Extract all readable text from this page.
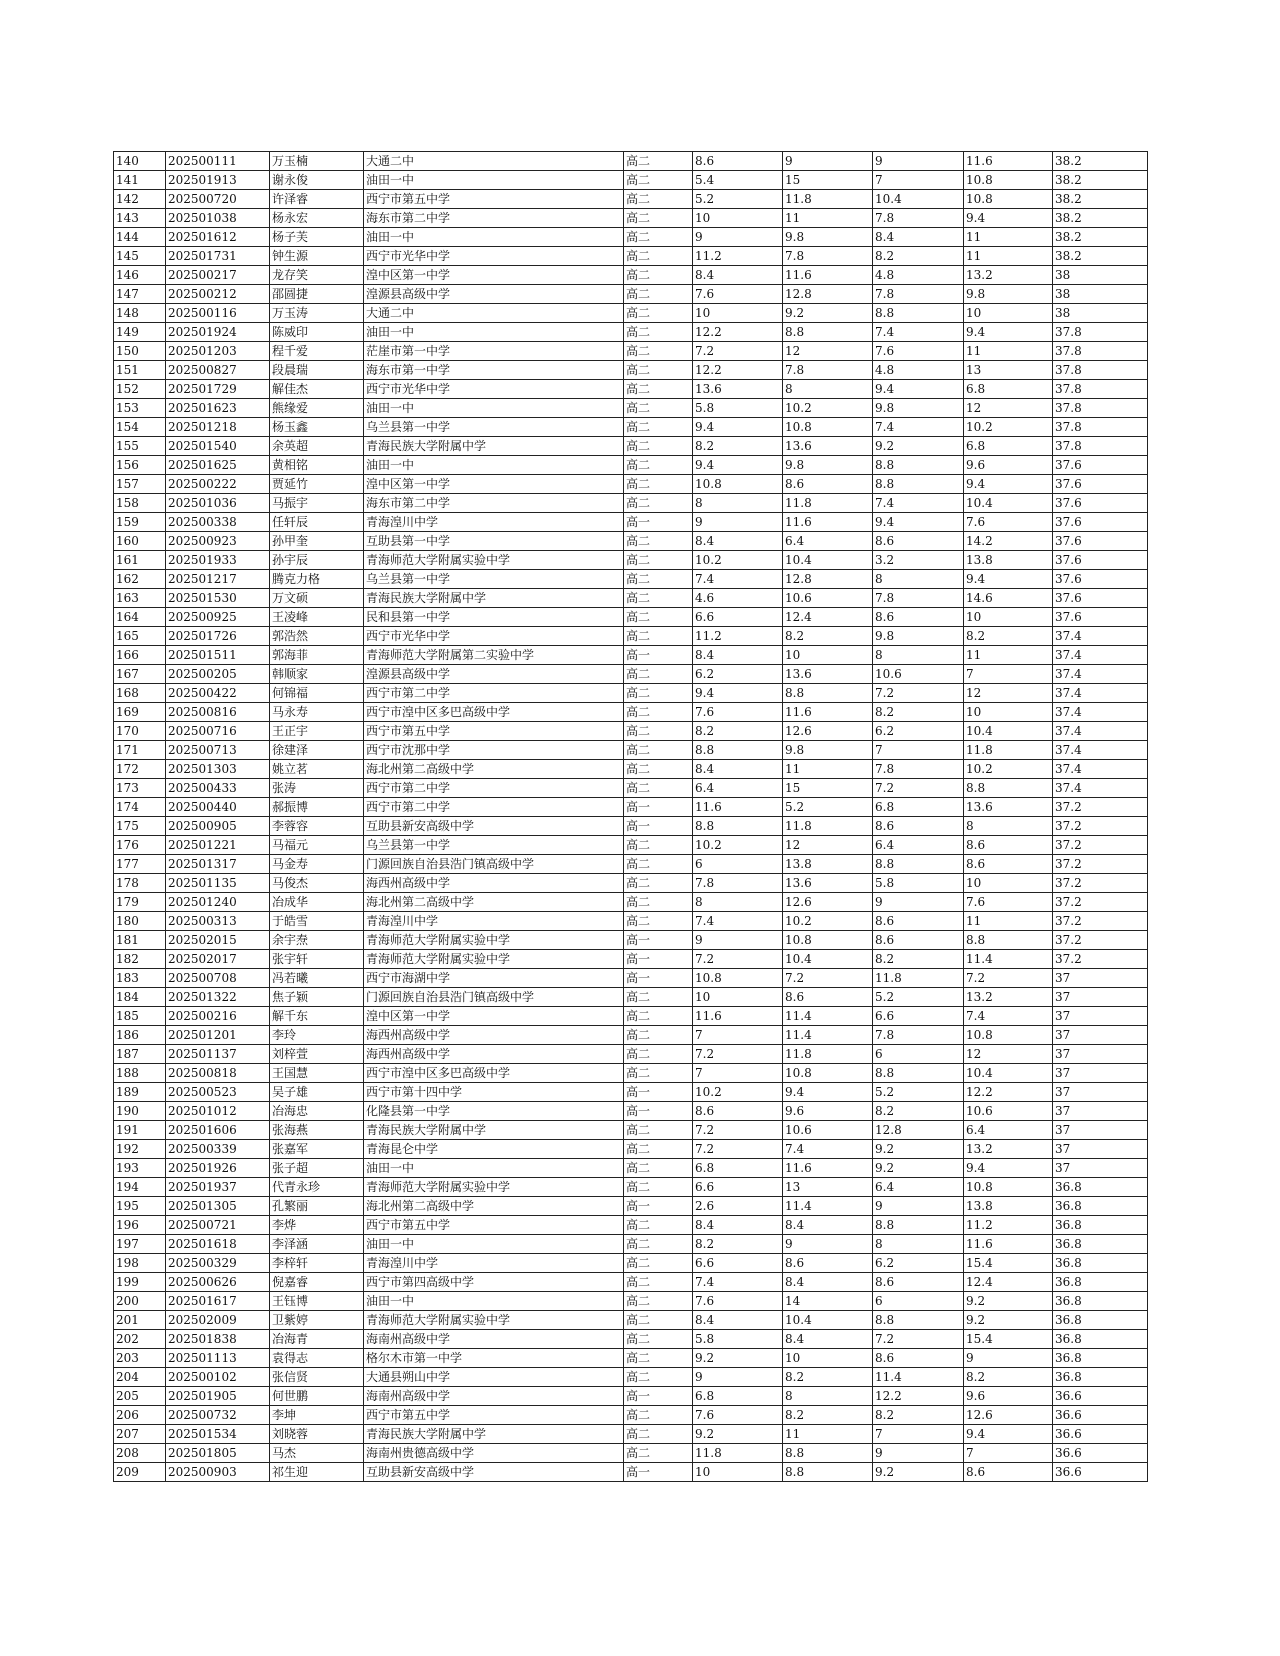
140	202500111	万玉楠	大通二中	高二	8.6	9	9	11.6	38.2
141	202501913	谢永俊	油田一中	高二	5.4	15	7	10.8	38.2
142	202500720	许泽睿	西宁市第五中学	高二	5.2	11.8	10.4	10.8	38.2
143	202501038	杨永宏	海东市第二中学	高二	10	11	7.8	9.4	38.2
144	202501612	杨子芙	油田一中	高二	9	9.8	8.4	11	38.2
145	202501731	钟生源	西宁市光华中学	高二	11.2	7.8	8.2	11	38.2
146	202500217	龙存笑	湟中区第一中学	高二	8.4	11.6	4.8	13.2	38
147	202500212	邵圆捷	湟源县高级中学	高二	7.6	12.8	7.8	9.8	38
148	202500116	万玉涛	大通二中	高二	10	9.2	8.8	10	38
149	202501924	陈威印	油田一中	高二	12.2	8.8	7.4	9.4	37.8
150	202501203	程千爱	茫崖市第一中学	高二	7.2	12	7.6	11	37.8
151	202500827	段晨瑞	海东市第一中学	高二	12.2	7.8	4.8	13	37.8
152	202501729	解佳杰	西宁市光华中学	高二	13.6	8	9.4	6.8	37.8
153	202501623	熊缘爱	油田一中	高二	5.8	10.2	9.8	12	37.8
154	202501218	杨玉鑫	乌兰县第一中学	高二	9.4	10.8	7.4	10.2	37.8
155	202501540	余英超	青海民族大学附属中学	高二	8.2	13.6	9.2	6.8	37.8
156	202501625	黄相铭	油田一中	高二	9.4	9.8	8.8	9.6	37.6
157	202500222	贾延竹	湟中区第一中学	高二	10.8	8.6	8.8	9.4	37.6
158	202501036	马振宇	海东市第二中学	高二	8	11.8	7.4	10.4	37.6
159	202500338	任轩辰	青海湟川中学	高一	9	11.6	9.4	7.6	37.6
160	202500923	孙甲奎	互助县第一中学	高二	8.4	6.4	8.6	14.2	37.6
161	202501933	孙宇辰	青海师范大学附属实验中学	高二	10.2	10.4	3.2	13.8	37.6
162	202501217	腾克力格	乌兰县第一中学	高二	7.4	12.8	8	9.4	37.6
163	202501530	万文硕	青海民族大学附属中学	高二	4.6	10.6	7.8	14.6	37.6
164	202500925	王凌峰	民和县第一中学	高二	6.6	12.4	8.6	10	37.6
165	202501726	郭浩然	西宁市光华中学	高二	11.2	8.2	9.8	8.2	37.4
166	202501511	郭海菲	青海师范大学附属第二实验中学	高一	8.4	10	8	11	37.4
167	202500205	韩顺家	湟源县高级中学	高二	6.2	13.6	10.6	7	37.4
168	202500422	何锦福	西宁市第二中学	高二	9.4	8.8	7.2	12	37.4
169	202500816	马永寿	西宁市湟中区多巴高级中学	高二	7.6	11.6	8.2	10	37.4
170	202500716	王正宇	西宁市第五中学	高二	8.2	12.6	6.2	10.4	37.4
171	202500713	徐建泽	西宁市沈那中学	高二	8.8	9.8	7	11.8	37.4
172	202501303	姚立茗	海北州第二高级中学	高二	8.4	11	7.8	10.2	37.4
173	202500433	张涛	西宁市第二中学	高二	6.4	15	7.2	8.8	37.4
174	202500440	郝振博	西宁市第二中学	高一	11.6	5.2	6.8	13.6	37.2
175	202500905	李蓉容	互助县新安高级中学	高一	8.8	11.8	8.6	8	37.2
176	202501221	马福元	乌兰县第一中学	高二	10.2	12	6.4	8.6	37.2
177	202501317	马金寿	门源回族自治县浩门镇高级中学	高二	6	13.8	8.8	8.6	37.2
178	202501135	马俊杰	海西州高级中学	高二	7.8	13.6	5.8	10	37.2
179	202501240	冶成华	海北州第二高级中学	高二	8	12.6	9	7.6	37.2
180	202500313	于皓雪	青海湟川中学	高二	7.4	10.2	8.6	11	37.2
181	202502015	余宇焘	青海师范大学附属实验中学	高一	9	10.8	8.6	8.8	37.2
182	202502017	张宇轩	青海师范大学附属实验中学	高一	7.2	10.4	8.2	11.4	37.2
183	202500708	冯若曦	西宁市海湖中学	高一	10.8	7.2	11.8	7.2	37
184	202501322	焦子颖	门源回族自治县浩门镇高级中学	高二	10	8.6	5.2	13.2	37
185	202500216	解千东	湟中区第一中学	高二	11.6	11.4	6.6	7.4	37
186	202501201	李玲	海西州高级中学	高二	7	11.4	7.8	10.8	37
187	202501137	刘梓萱	海西州高级中学	高二	7.2	11.8	6	12	37
188	202500818	王国慧	西宁市湟中区多巴高级中学	高二	7	10.8	8.8	10.4	37
189	202500523	吴子雄	西宁市第十四中学	高一	10.2	9.4	5.2	12.2	37
190	202501012	冶海忠	化隆县第一中学	高一	8.6	9.6	8.2	10.6	37
191	202501606	张海燕	青海民族大学附属中学	高二	7.2	10.6	12.8	6.4	37
192	202500339	张嘉军	青海昆仑中学	高二	7.2	7.4	9.2	13.2	37
193	202501926	张子超	油田一中	高二	6.8	11.6	9.2	9.4	37
194	202501937	代青永珍	青海师范大学附属实验中学	高二	6.6	13	6.4	10.8	36.8
195	202501305	孔繁丽	海北州第二高级中学	高一	2.6	11.4	9	13.8	36.8
196	202500721	李烨	西宁市第五中学	高二	8.4	8.4	8.8	11.2	36.8
197	202501618	李泽涵	油田一中	高二	8.2	9	8	11.6	36.8
198	202500329	李梓轩	青海湟川中学	高二	6.6	8.6	6.2	15.4	36.8
199	202500626	倪嘉睿	西宁市第四高级中学	高二	7.4	8.4	8.6	12.4	36.8
200	202501617	王钰博	油田一中	高二	7.6	14	6	9.2	36.8
201	202502009	卫紫婷	青海师范大学附属实验中学	高二	8.4	10.4	8.8	9.2	36.8
202	202501838	冶海青	海南州高级中学	高二	5.8	8.4	7.2	15.4	36.8
203	202501113	袁得志	格尔木市第一中学	高二	9.2	10	8.6	9	36.8
204	202500102	张信贤	大通县朔山中学	高二	9	8.2	11.4	8.2	36.8
205	202501905	何世鹏	海南州高级中学	高一	6.8	8	12.2	9.6	36.6
206	202500732	李坤	西宁市第五中学	高二	7.6	8.2	8.2	12.6	36.6
207	202501534	刘晓蓉	青海民族大学附属中学	高二	9.2	11	7	9.4	36.6
208	202501805	马杰	海南州贵德高级中学	高二	11.8	8.8	9	7	36.6
209	202500903	祁生迎	互助县新安高级中学	高一	10	8.8	9.2	8.6	36.6
